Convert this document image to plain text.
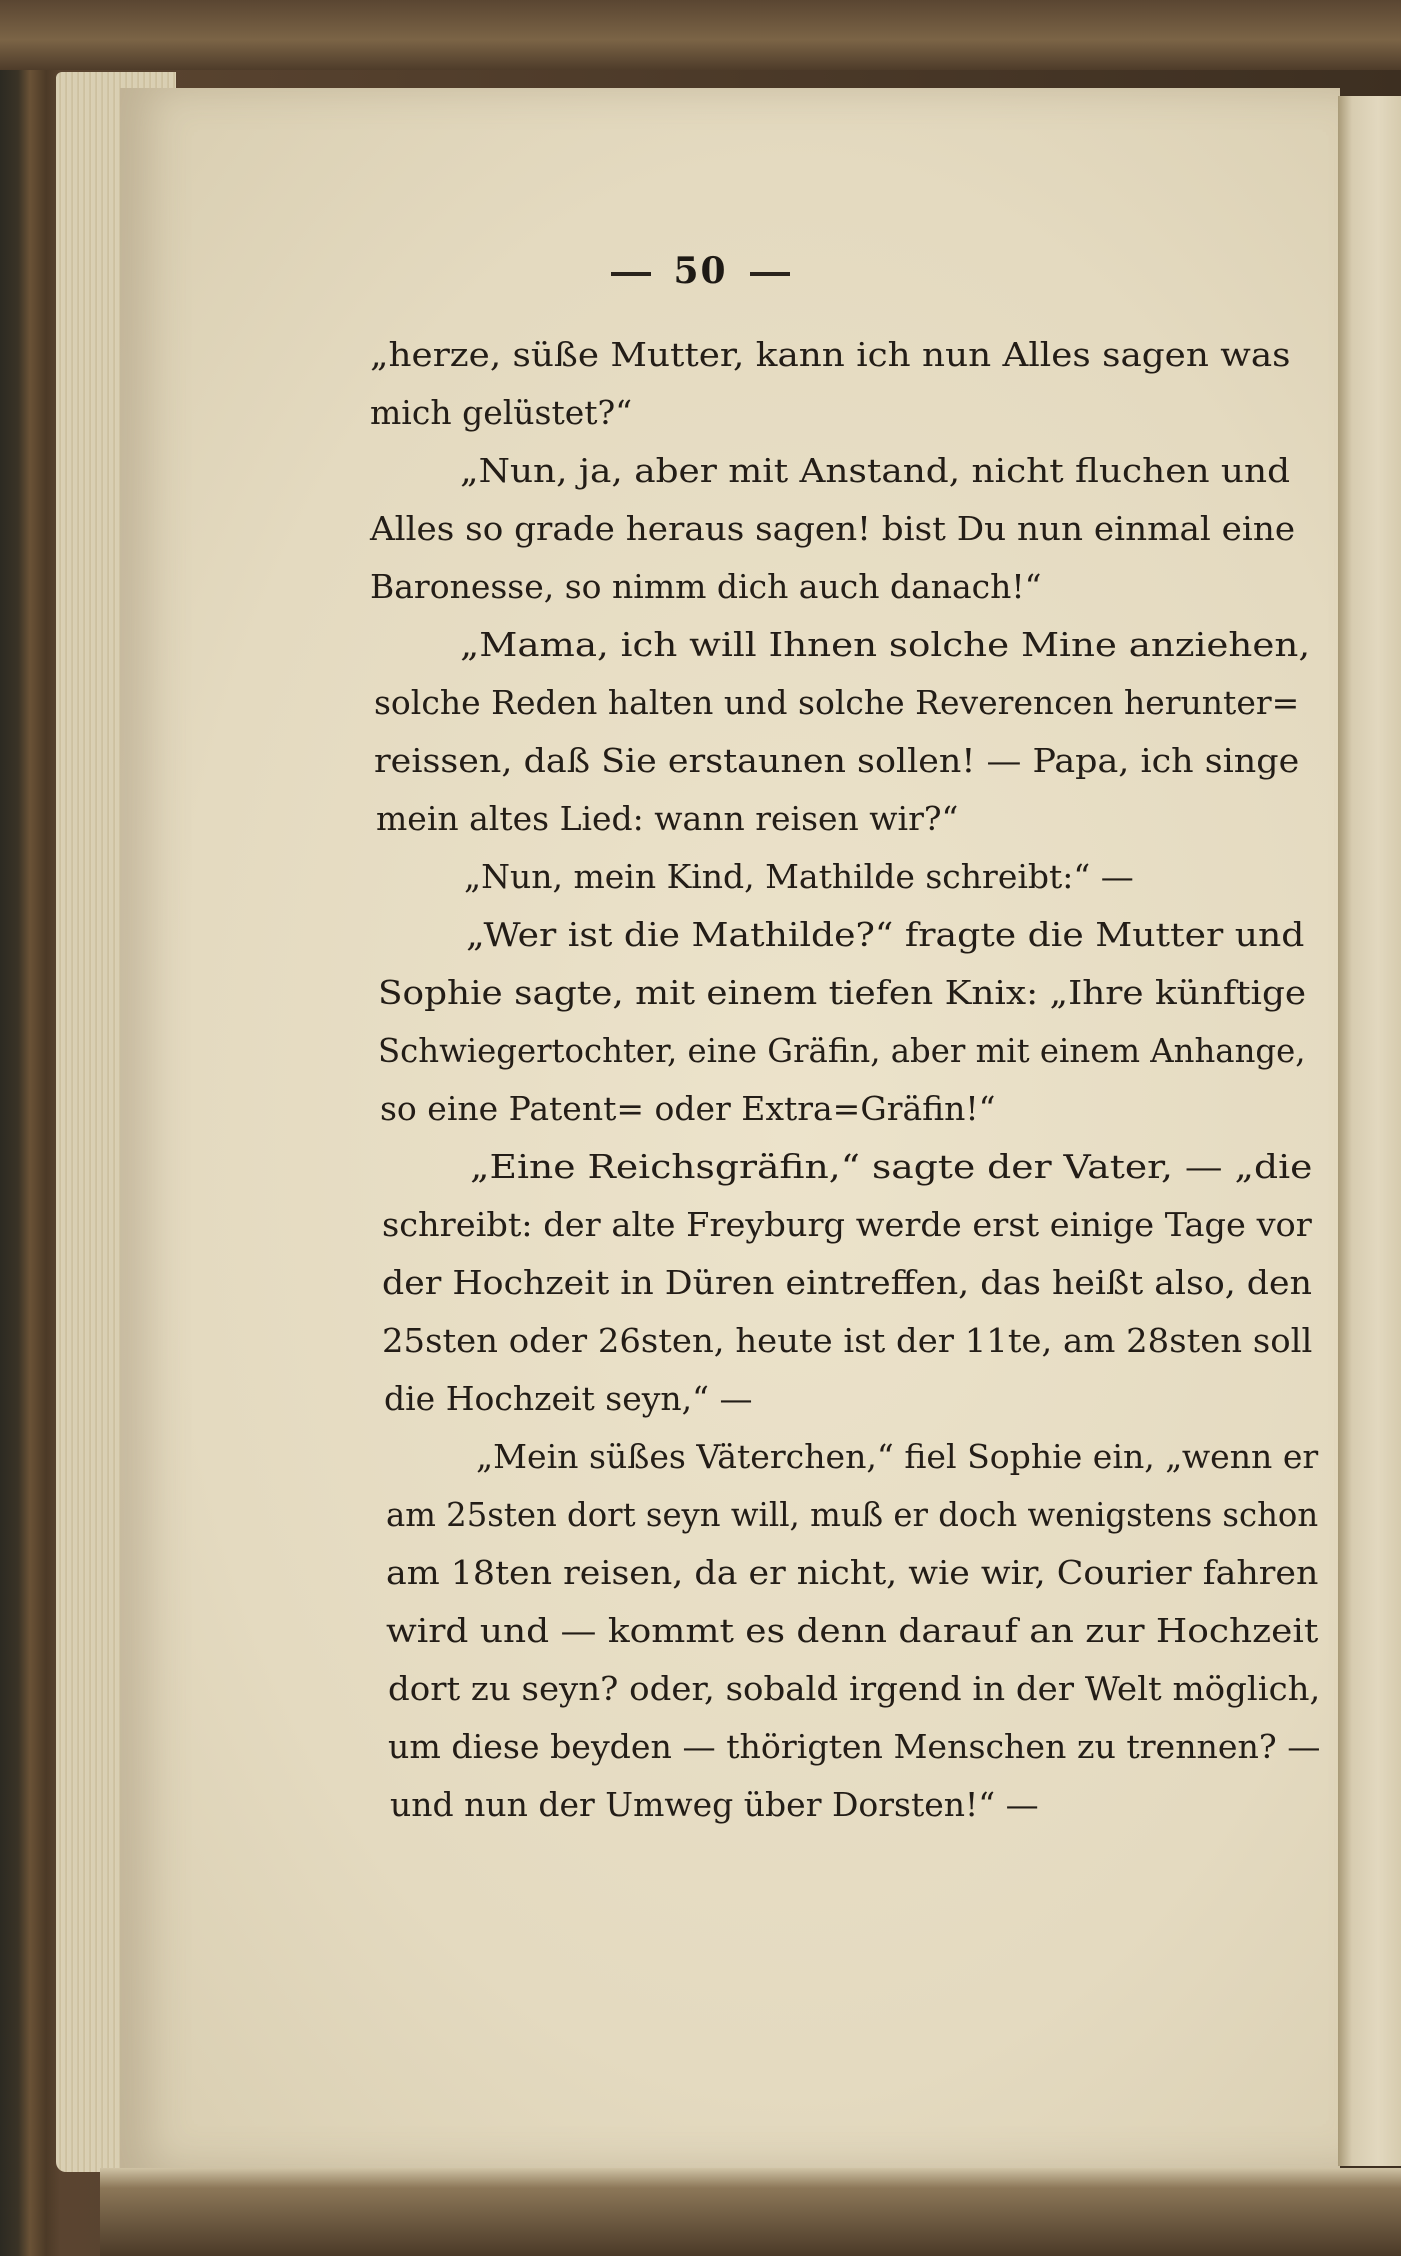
50
„herze, süße Mutter, kann ich nun Alles sagen was
mich gelüstet?“
„Nun, ja, aber mit Anstand, nicht fluchen und
Alles so grade heraus sagen! bist Du nun einmal eine
Baronesse, so nimm dich auch danach!“
„Mama, ich will Ihnen solche Mine anziehen,
solche Reden halten und solche Reverencen herunter=
reissen, daß Sie erstaunen sollen! — Papa, ich singe
mein altes Lied: wann reisen wir?“
„Nun, mein Kind, Mathilde schreibt:“ —
„Wer ist die Mathilde?“ fragte die Mutter und
Sophie sagte, mit einem tiefen Knix: „Ihre künftige
Schwiegertochter, eine Gräfin, aber mit einem Anhange,
so eine Patent= oder Extra=Gräfin!“
„Eine Reichsgräfin,“ sagte der Vater, — „die
schreibt: der alte Freyburg werde erst einige Tage vor
der Hochzeit in Düren eintreffen, das heißt also, den
25sten oder 26sten, heute ist der 11te, am 28sten soll
die Hochzeit seyn,“ —
„Mein süßes Väterchen,“ fiel Sophie ein, „wenn er
am 25sten dort seyn will, muß er doch wenigstens schon
am 18ten reisen, da er nicht, wie wir, Courier fahren
wird und — kommt es denn darauf an zur Hochzeit
dort zu seyn? oder, sobald irgend in der Welt möglich,
um diese beyden — thörigten Menschen zu trennen? —
und nun der Umweg über Dorsten!“ —
